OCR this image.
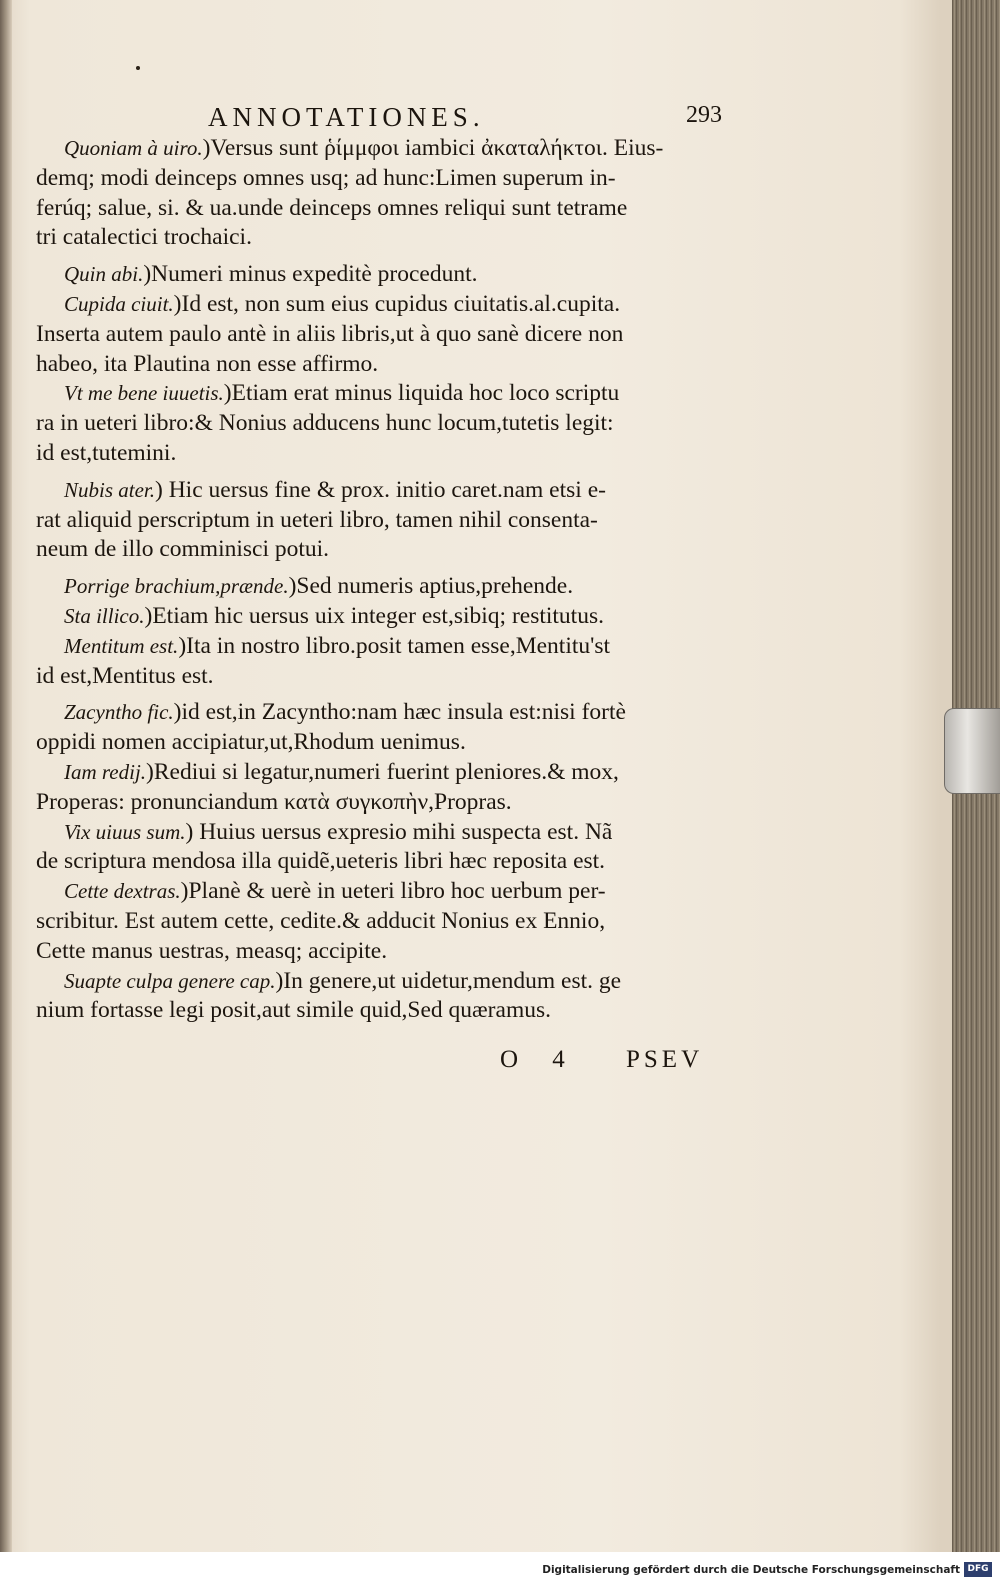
ANNOTATIONES.	293
Quoniam à uiro.)Versus sunt ῥίμμφοι iambici ἀκαταλήκτοι. Eius-
demq; modi deinceps omnes usq; ad hunc:Limen superum in-
ferúq; salue, si. & ua.unde deinceps omnes reliqui sunt tetrame
tri catalectici trochaici.
Quin abi.)Numeri minus expeditè procedunt.
Cupida ciuit.)Id est, non sum eius cupidus ciuitatis.al.cupita.
Inserta autem paulo antè in aliis libris,ut à quo sanè dicere non
habeo, ita Plautina non esse affirmo.
Vt me bene iuuetis.)Etiam erat minus liquida hoc loco scriptu
ra in ueteri libro:& Nonius adducens hunc locum,tutetis legit:
id est,tutemini.
Nubis ater.) Hic uersus fine & prox. initio caret.nam etsi e-
rat aliquid perscriptum in ueteri libro, tamen nihil consenta-
neum de illo comminisci potui.
Porrige brachium,prænde.)Sed numeris aptius,prehende.
Sta illico.)Etiam hic uersus uix integer est,sibiq; restitutus.
Mentitum est.)Ita in nostro libro.posit tamen esse,Mentitu'st
id est,Mentitus est.
Zacyntho fic.)id est,in Zacyntho:nam hæc insula est:nisi fortè
oppidi nomen accipiatur,ut,Rhodum uenimus.
Iam redij.)Rediui si legatur,numeri fuerint pleniores.& mox,
Properas: pronunciandum κατὰ συγκοπὴν,Propras.
Vix uiuus sum.) Huius uersus expresio mihi suspecta est. Nã
de scriptura mendosa illa quidẽ,ueteris libri hæc reposita est.
Cette dextras.)Planè & uerè in ueteri libro hoc uerbum per-
scribitur. Est autem cette, cedite.& adducit Nonius ex Ennio,
Cette manus uestras, measq; accipite.
Suapte culpa genere cap.)In genere,ut uidetur,mendum est. ge
nium fortasse legi posit,aut simile quid,Sed quæramus.
O 4 PSEV
Digitalisierung gefördert durch die Deutsche Forschungsgemeinschaft DFG
